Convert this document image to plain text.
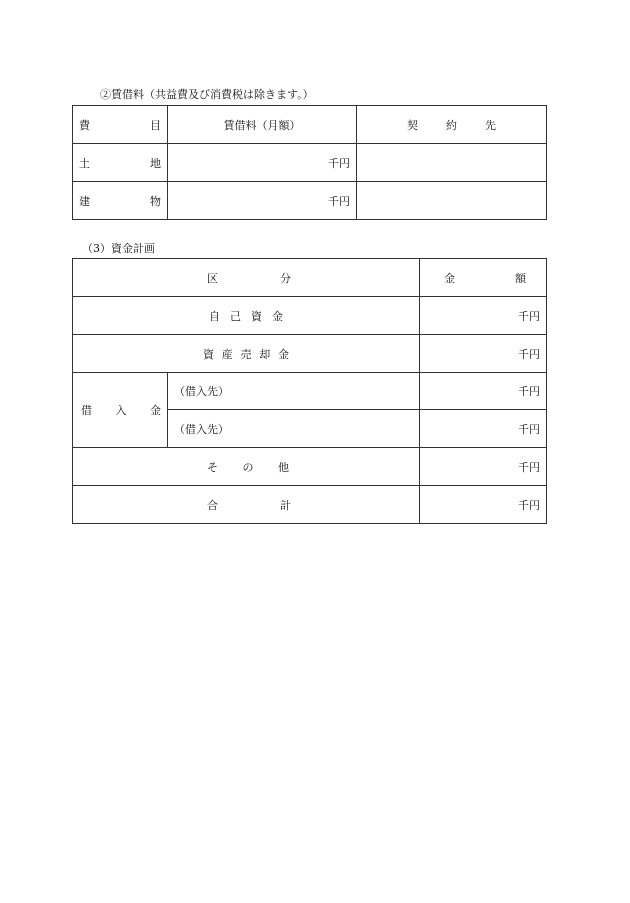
②賃借料（共益費及び消費税は除きます。）
費 目	賃借料（月額）	契 約 先

土 地	千円	

建 物	千円	
（3）資金計画
区 分		金 額

自 己 資 金		千円

資 産 売 却 金		千円

借 入 金	（借入先）	千円
	（借入先）	千円

そ の 他		千円

合 計		千円
